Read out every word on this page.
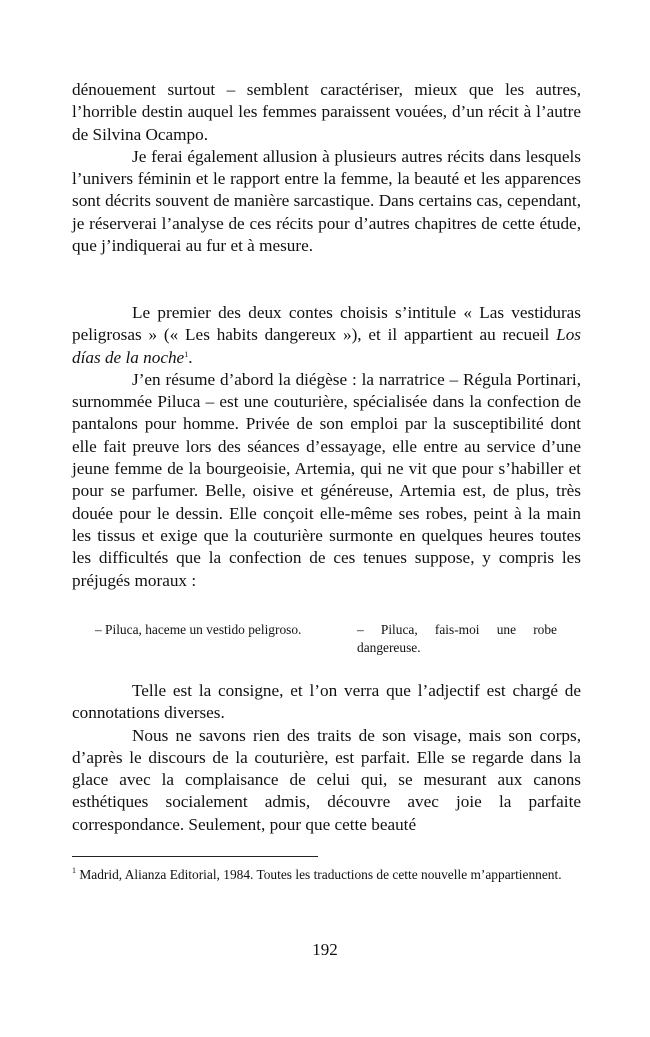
dénouement surtout – semblent caractériser, mieux que les autres, l’horrible destin auquel les femmes paraissent vouées, d’un récit à l’autre de Silvina Ocampo.

Je ferai également allusion à plusieurs autres récits dans lesquels l’univers féminin et le rapport entre la femme, la beauté et les apparences sont décrits souvent de manière sarcastique. Dans certains cas, cependant, je réserverai l’analyse de ces récits pour d’autres chapitres de cette étude, que j’indiquerai au fur et à mesure.

Le premier des deux contes choisis s’intitule « Las vestiduras peligrosas » (« Les habits dangereux »), et il appartient au recueil Los días de la noche$^1$.

J’en résume d’abord la diégèse : la narratrice – Régula Portinari, surnommée Piluca – est une couturière, spécialisée dans la confection de pantalons pour homme. Privée de son emploi par la susceptibilité dont elle fait preuve lors des séances d’essayage, elle entre au service d’une jeune femme de la bourgeoisie, Artemia, qui ne vit que pour s’habiller et pour se parfumer. Belle, oisive et généreuse, Artemia est, de plus, très douée pour le dessin. Elle conçoit elle-même ses robes, peint à la main les tissus et exige que la couturière surmonte en quelques heures toutes les difficultés que la confection de ces tenues suppose, y compris les préjugés moraux :

– Piluca, haceme un vestido peligroso.	– Piluca, fais-moi une robe dangereuse.

Telle est la consigne, et l’on verra que l’adjectif est chargé de connotations diverses.

Nous ne savons rien des traits de son visage, mais son corps, d’après le discours de la couturière, est parfait. Elle se regarde dans la glace avec la complaisance de celui qui, se mesurant aux canons esthétiques socialement admis, découvre avec joie la parfaite correspondance. Seulement, pour que cette beauté

$^1$ Madrid, Alianza Editorial, 1984. Toutes les traductions de cette nouvelle m’appartiennent.
192
